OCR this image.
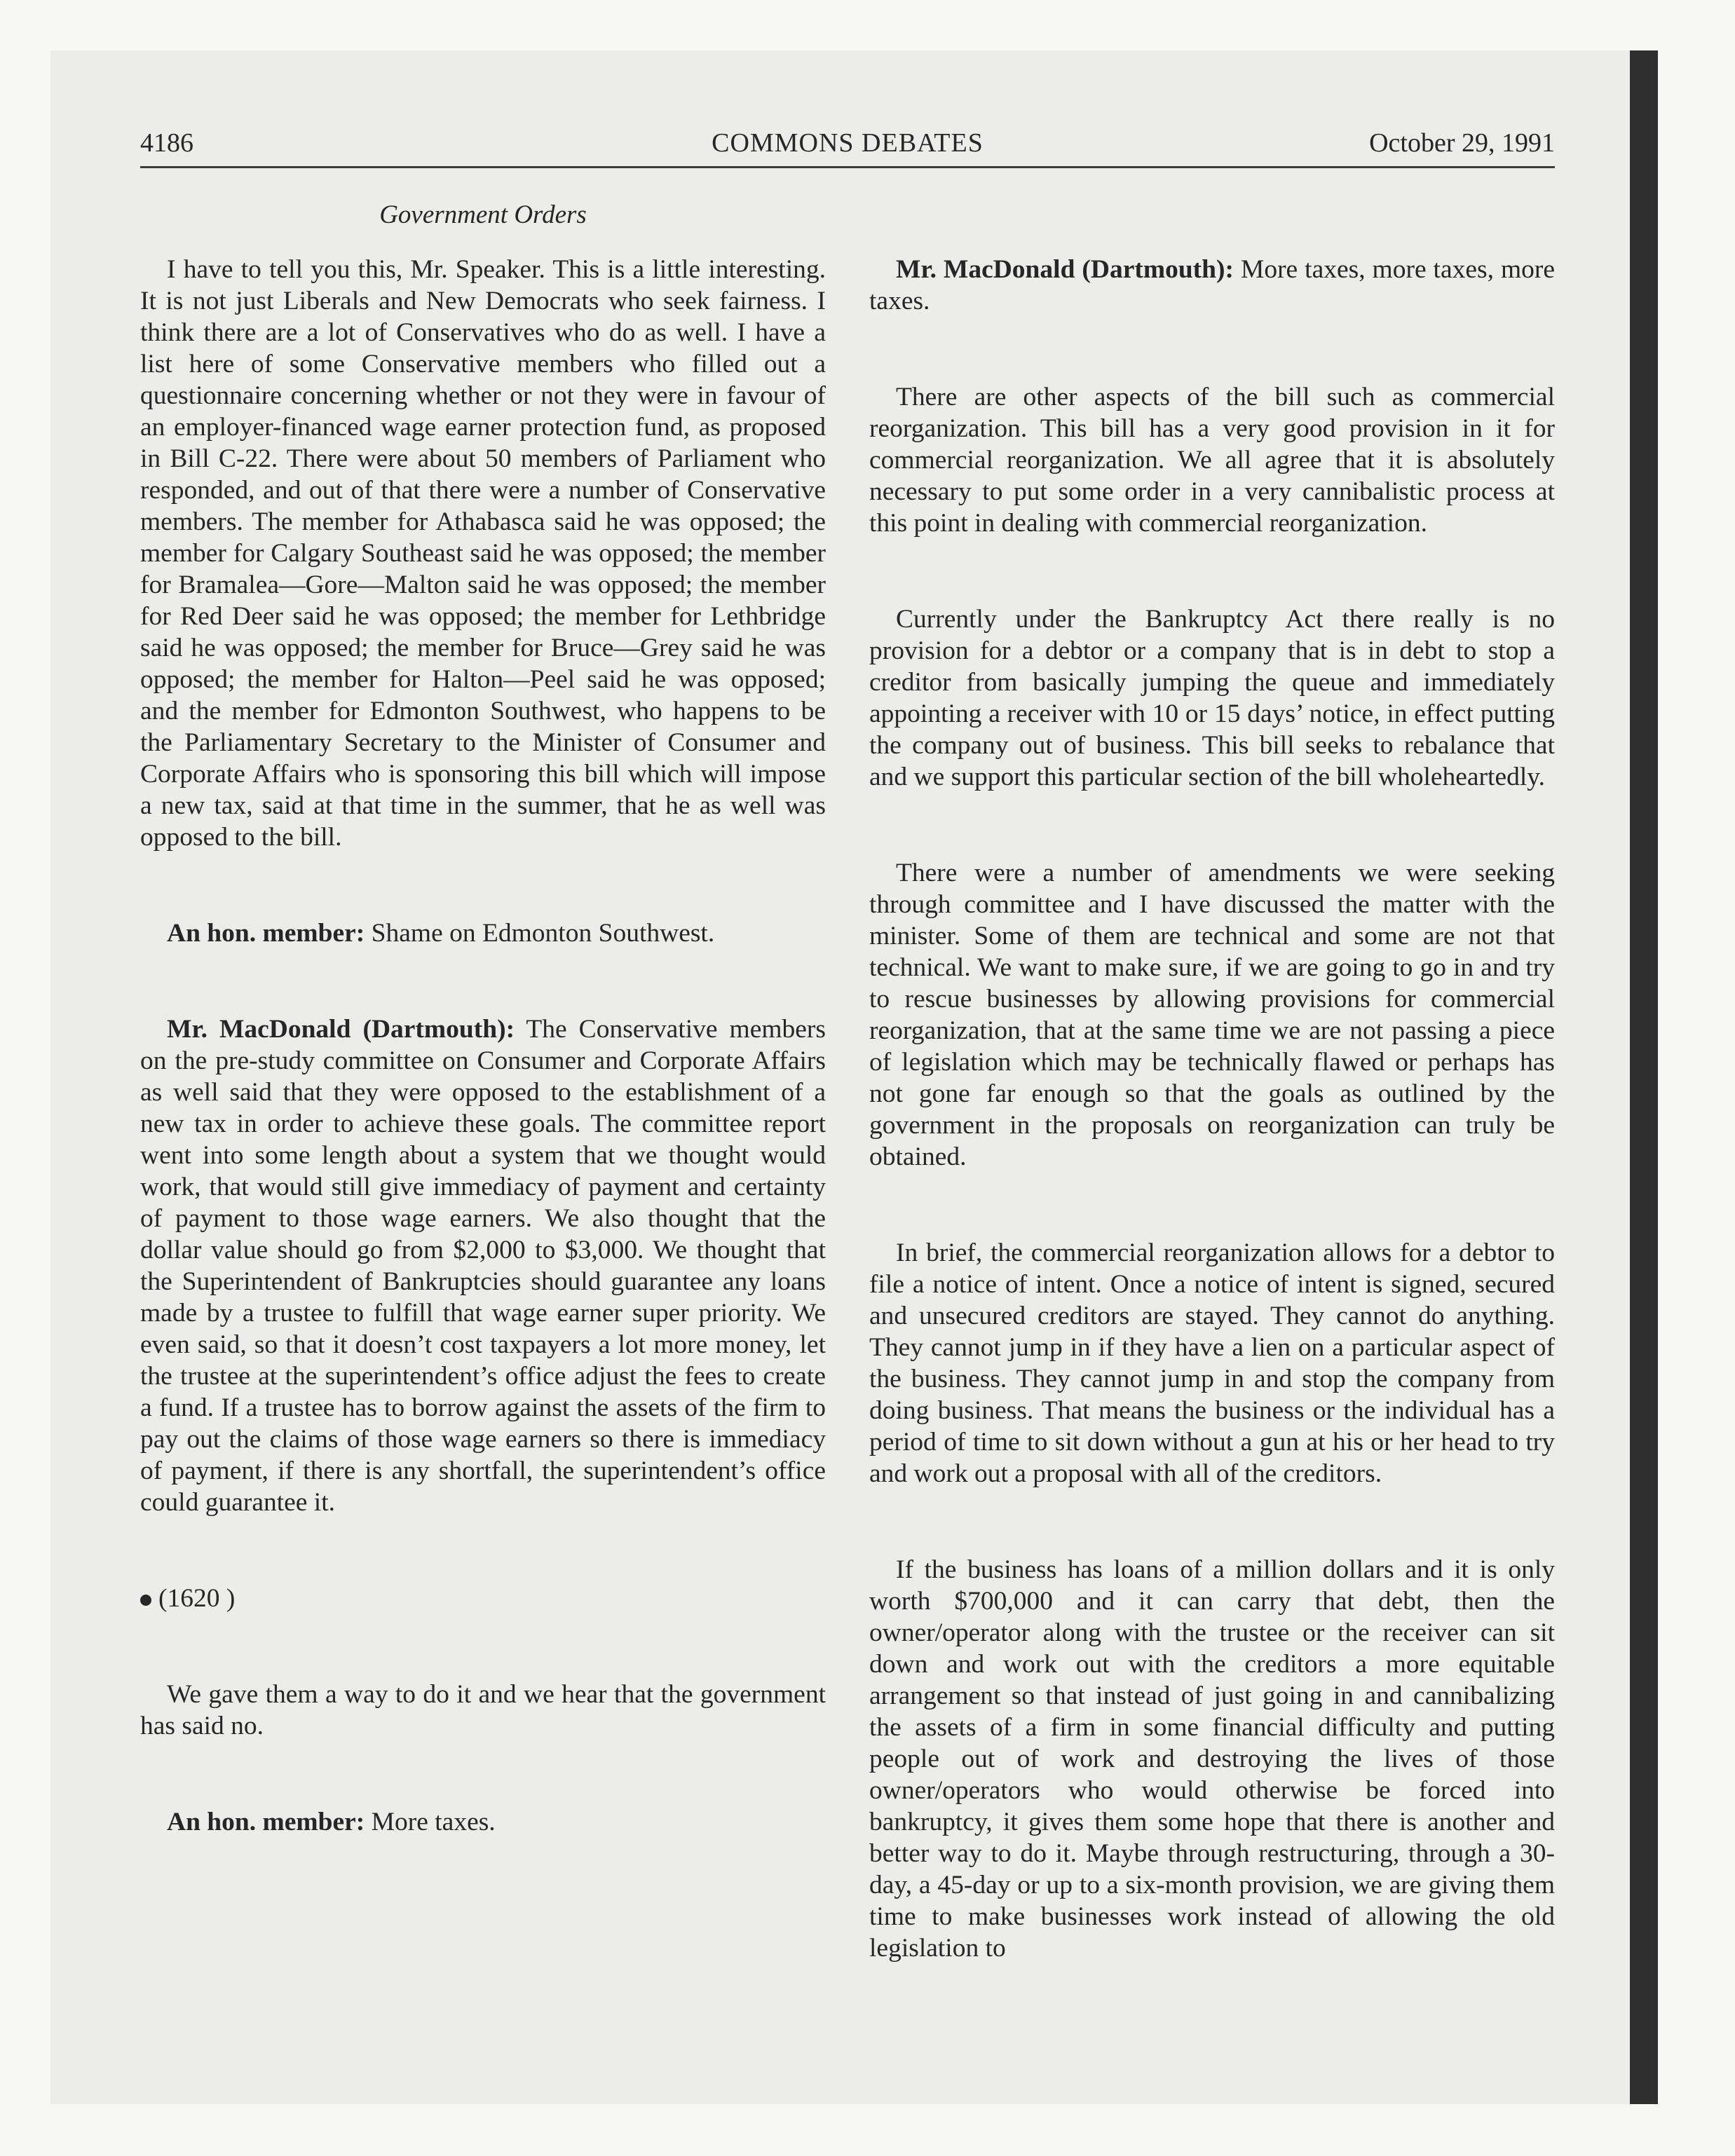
4186	COMMONS DEBATES	October 29, 1991
Government Orders

I have to tell you this, Mr. Speaker. This is a little interesting. It is not just Liberals and New Democrats who seek fairness. I think there are a lot of Conservatives who do as well. I have a list here of some Conservative members who filled out a questionnaire concerning whether or not they were in favour of an employer-financed wage earner protection fund, as proposed in Bill C-22. There were about 50 members of Parliament who responded, and out of that there were a number of Conservative members. The member for Athabasca said he was opposed; the member for Calgary Southeast said he was opposed; the member for Bramalea—Gore—Malton said he was opposed; the member for Red Deer said he was opposed; the member for Lethbridge said he was opposed; the member for Bruce—Grey said he was opposed; the member for Halton—Peel said he was opposed; and the member for Edmonton Southwest, who happens to be the Parliamentary Secretary to the Minister of Consumer and Corporate Affairs who is sponsoring this bill which will impose a new tax, said at that time in the summer, that he as well was opposed to the bill.

An hon. member: Shame on Edmonton Southwest.

Mr. MacDonald (Dartmouth): The Conservative members on the pre-study committee on Consumer and Corporate Affairs as well said that they were opposed to the establishment of a new tax in order to achieve these goals. The committee report went into some length about a system that we thought would work, that would still give immediacy of payment and certainty of payment to those wage earners. We also thought that the dollar value should go from $2,000 to $3,000. We thought that the Superintendent of Bankruptcies should guarantee any loans made by a trustee to fulfill that wage earner super priority. We even said, so that it doesn’t cost taxpayers a lot more money, let the trustee at the superintendent’s office adjust the fees to create a fund. If a trustee has to borrow against the assets of the firm to pay out the claims of those wage earners so there is immediacy of payment, if there is any shortfall, the superintendent’s office could guarantee it.

(1620 )

We gave them a way to do it and we hear that the government has said no.

An hon. member: More taxes.

Mr. MacDonald (Dartmouth): More taxes, more taxes, more taxes.

There are other aspects of the bill such as commercial reorganization. This bill has a very good provision in it for commercial reorganization. We all agree that it is absolutely necessary to put some order in a very cannibalistic process at this point in dealing with commercial reorganization.

Currently under the Bankruptcy Act there really is no provision for a debtor or a company that is in debt to stop a creditor from basically jumping the queue and immediately appointing a receiver with 10 or 15 days’ notice, in effect putting the company out of business. This bill seeks to rebalance that and we support this particular section of the bill wholeheartedly.

There were a number of amendments we were seeking through committee and I have discussed the matter with the minister. Some of them are technical and some are not that technical. We want to make sure, if we are going to go in and try to rescue businesses by allowing provisions for commercial reorganization, that at the same time we are not passing a piece of legislation which may be technically flawed or perhaps has not gone far enough so that the goals as outlined by the government in the proposals on reorganization can truly be obtained.

In brief, the commercial reorganization allows for a debtor to file a notice of intent. Once a notice of intent is signed, secured and unsecured creditors are stayed. They cannot do anything. They cannot jump in if they have a lien on a particular aspect of the business. They cannot jump in and stop the company from doing business. That means the business or the individual has a period of time to sit down without a gun at his or her head to try and work out a proposal with all of the creditors.

If the business has loans of a million dollars and it is only worth $700,000 and it can carry that debt, then the owner/operator along with the trustee or the receiver can sit down and work out with the creditors a more equitable arrangement so that instead of just going in and cannibalizing the assets of a firm in some financial difficulty and putting people out of work and destroying the lives of those owner/operators who would otherwise be forced into bankruptcy, it gives them some hope that there is another and better way to do it. Maybe through restructuring, through a 30-day, a 45-day or up to a six-month provision, we are giving them time to make businesses work instead of allowing the old legislation to
